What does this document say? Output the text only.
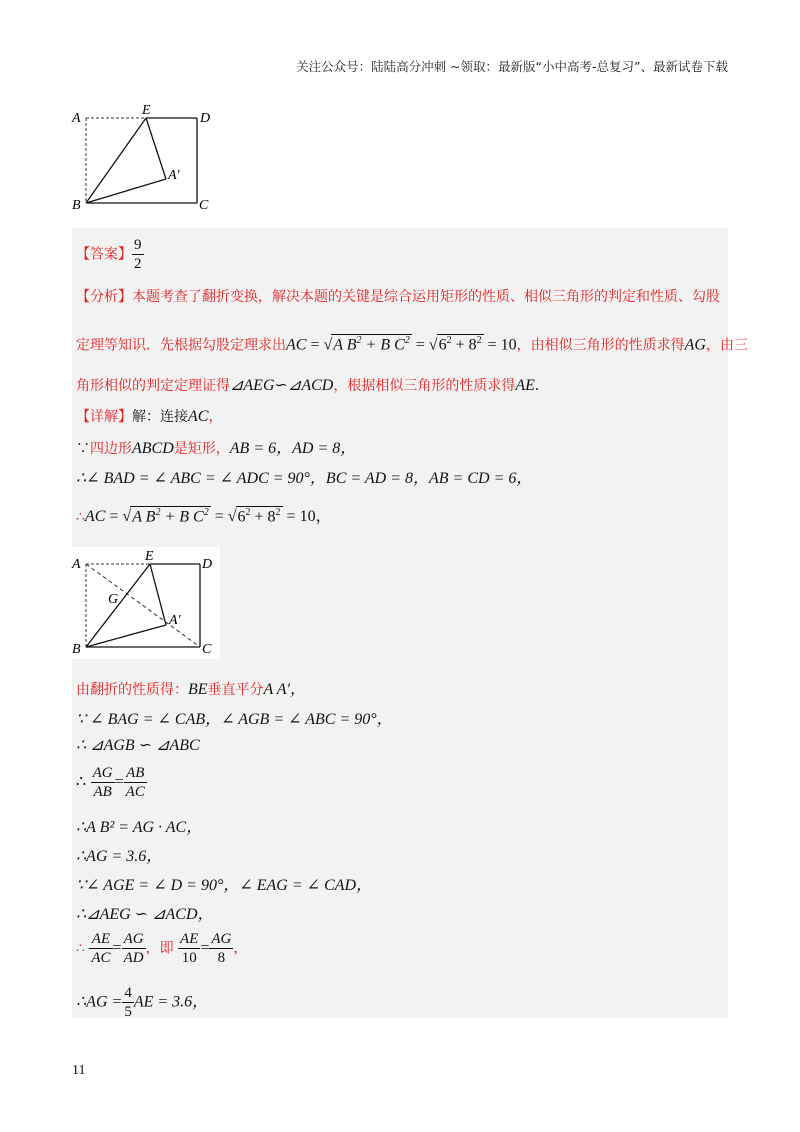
关注公众号：陆陆高分冲刺 ~领取：最新版“小中高考-总复习”、最新试卷下载
A
E
D
A′
B	C
【答案】 $\frac{9}{2}$
【分析】本题考查了翻折变换，解决本题的关键是综合运用矩形的性质、相似三角形的判定和性质、勾股
定理等知识．先根据勾股定理求出AC = √A $B^2 + B$ $C^2 = √6^2 + 8^2 = 10$，由相似三角形的性质求得AG，由三
角形相似的判定定理证得⊿AEG∽⊿ACD，根据相似三角形的性质求得AE.
【详解】解：连接AC，
∵四边形ABCD是矩形，AB = 6，AD = 8，
∴∠ BAD = ∠ ABC = ∠ ADC = 90°，BC = AD = 8，AB = CD = 6，
∴AC = √A $B^2 + B$ $C^2 = √6^2 + 8^2 = 10$，
A
E
D
G
A′
B	C
由翻折的性质得：BE垂直平分A A′，
∵ ∠ BAG = ∠ CAB，∠ AGB = ∠ ABC = 90°，
∴ ⊿AGB ∽ ⊿ABC
∴ $\frac{AG}{AB} = \frac{AB}{AC}$
∴A B² = AG · AC，
∴AG = 3.6，
∵∠ AGE = ∠ D = 90°，∠ EAG = ∠ CAD，
∴⊿AEG ∽ ⊿ACD，
∴ $\frac{AE}{AC} = \frac{AG}{AD}$ ，即 $\frac{AE}{10} = \frac{AG}{8}$ ，
∴AG = $\frac{4}{5}$ AE = 3.6，
11
